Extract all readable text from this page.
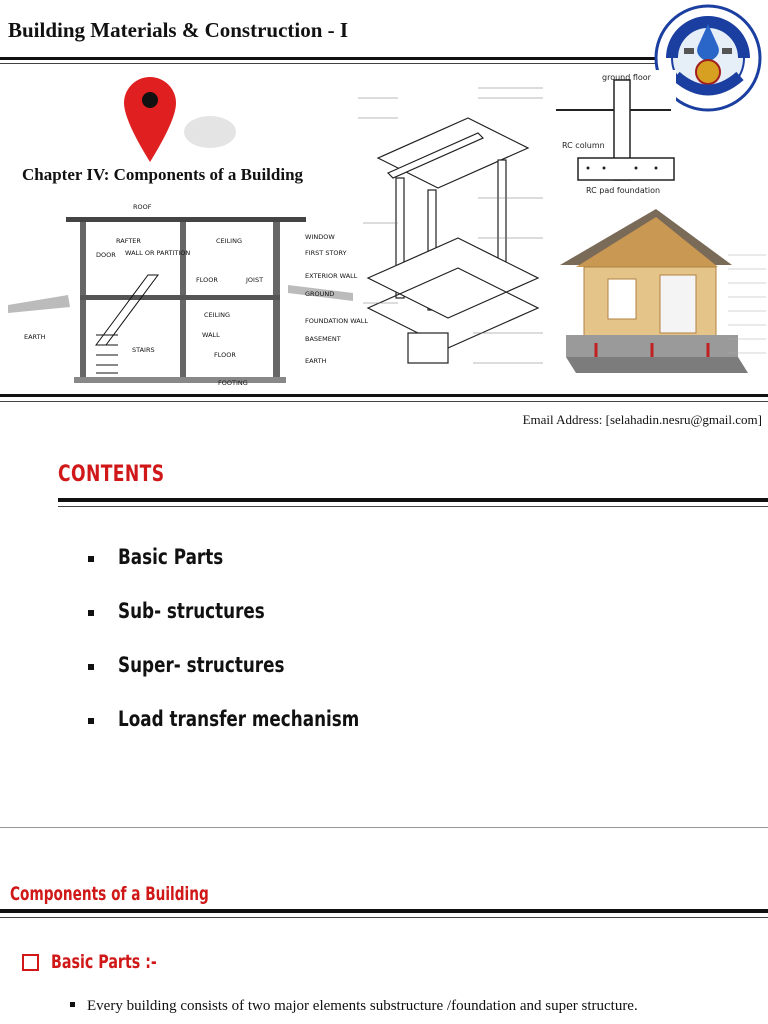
Building Materials & Construction - I
Chapter IV: Components of a Building
ROOF
RAFTER	CEILING	WINDOW
DOOR WALL OR PARTITION	FIRST STORY
FLOOR	JOIST	EXTERIOR WALL
GROUND
CEILING
FOUNDATION WALL
EARTH	WALL	BASEMENT
STAIRS
FLOOR
EARTH
FOOTING
ground floor
RC column
RC pad foundation
Email Address: [selahadin.nesru@gmail.com]
CONTENTS
Basic Parts
Sub- structures
Super- structures
Load transfer mechanism
Components of a Building
Basic Parts :-
Every building consists of two major elements substructure /foundation and super structure.
